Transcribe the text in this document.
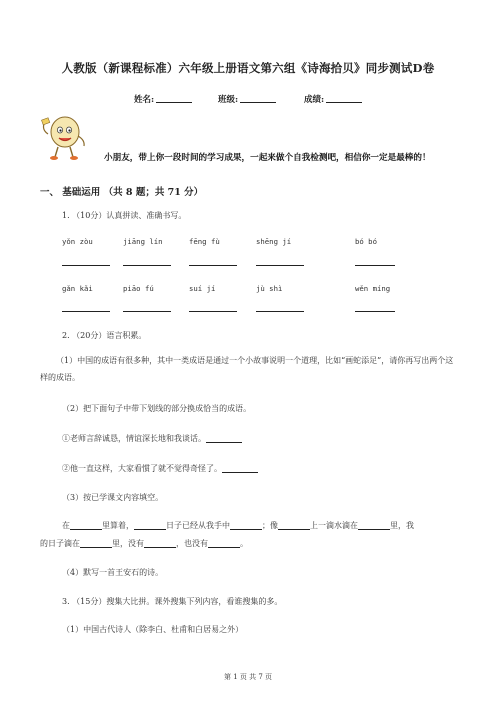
人教版（新课程标准）六年级上册语文第六组《诗海拾贝》同步测试D卷
姓名:	班级:	成绩:
小朋友，带上你一段时间的学习成果，一起来做个自我检测吧，相信你一定是最棒的！
一、 基础运用 （共 8 题；共 71 分）
1. （10分）认真拼读、准确书写。
yǒn zòu	jiāng lín	fēng fù	shēng jí	bó bó
gǎn kǎi	piāo fú	suí jí	jù shì	wěn míng
2. （20分）语言积累。
（1）中国的成语有很多种，其中一类成语是通过一个小故事说明一个道理，比如“画蛇添足”，请你再写出两个这样的成语。
（2）把下面句子中带下划线的部分换成恰当的成语。
①老师言辞诚恳，情谊深长地和我谈话。
②他一直这样，大家看惯了就不觉得奇怪了。
（3）按已学课文内容填空。
在	里算着，	日子已经从我手中	；像	上一滴水滴在	里，我
的日子滴在	里，没有	，也没有	。
（4）默写一首王安石的诗。
3. （15分）搜集大比拼。课外搜集下列内容，看谁搜集的多。
（1）中国古代诗人（除李白、杜甫和白居易之外）
第 1 页 共 7 页
